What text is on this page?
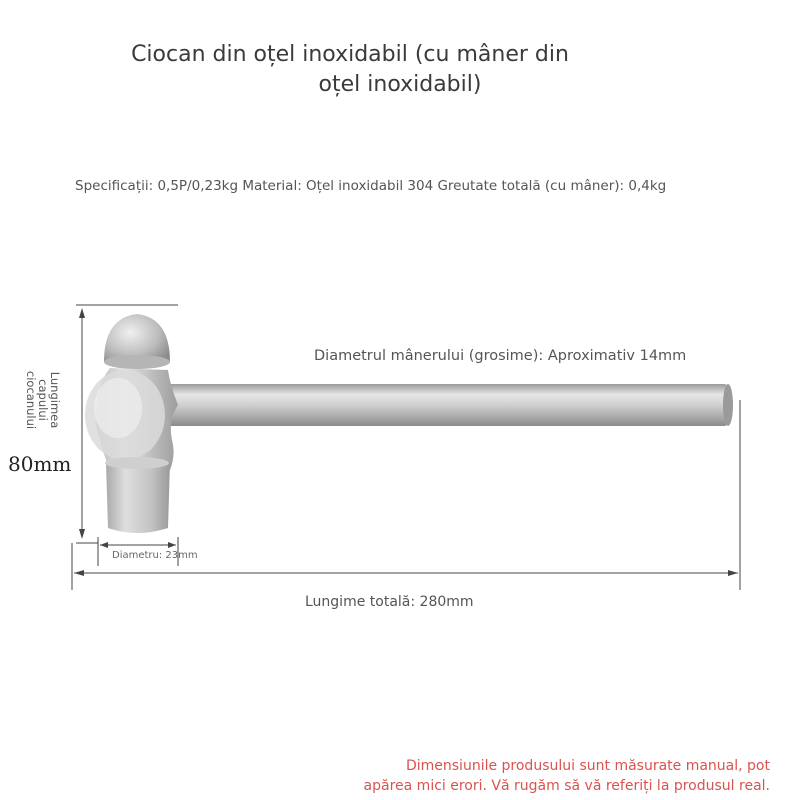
Ciocan din oțel inoxidabil (cu mâner din
oțel inoxidabil)
Specificații: 0,5P/0,23kg Material: Oțel inoxidabil 304 Greutate totală (cu mâner): 0,4kg
Diametrul mânerului (grosime): Aproximativ 14mm
Lungimea
capului
ciocanului
80mm
Diametru: 23mm
Lungime totală: 280mm
Dimensiunile produsului sunt măsurate manual, pot
apărea mici erori. Vă rugăm să vă referiți la produsul real.
